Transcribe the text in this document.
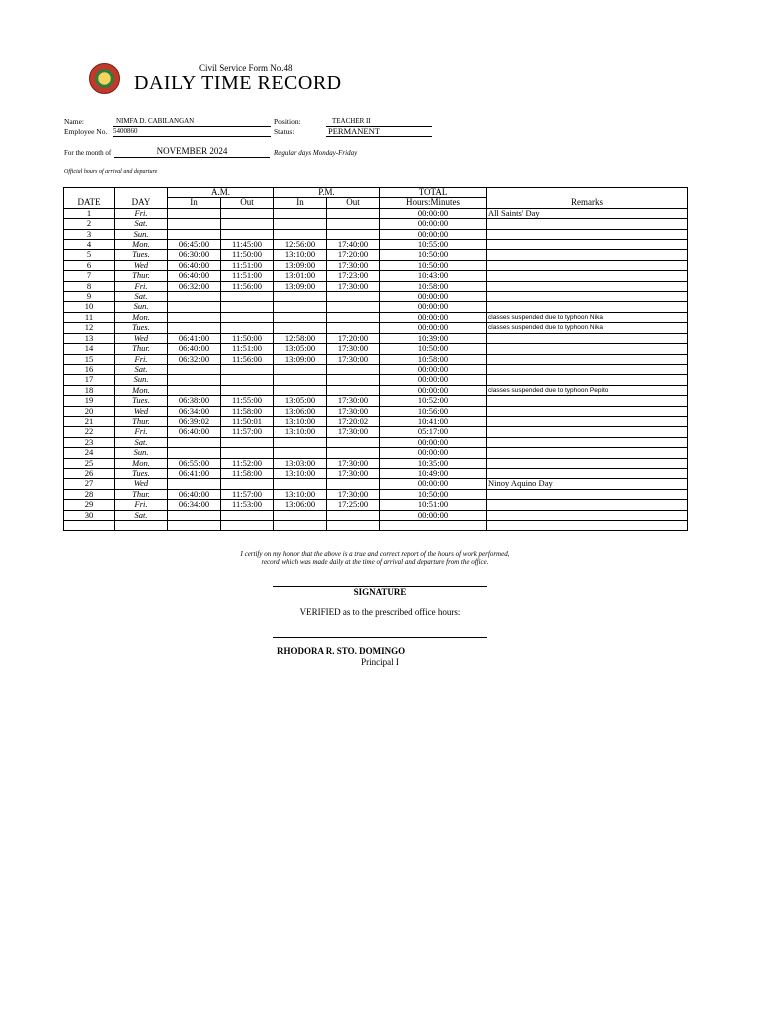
Civil Service Form No.48
DAILY TIME RECORD
Name:	NIMFA D. CABILANGAN	Position:	TEACHER II
Employee No. 5400860	Status:	PERMANENT
For the month of	NOVEMBER 2024	Regular days Monday-Friday
Official hours of arrival and departure
		A.M.		P.M.		TOTAL	
DATE	DAY	In	Out	In	Out	Hours:Minutes	Remarks
1	Fri.					00:00:00	All Saints' Day
2	Sat.					00:00:00	
3	Sun.					00:00:00	
4	Mon.	06:45:00	11:45:00	12:56:00	17:40:00	10:55:00	
5	Tues.	06:30:00	11:50:00	13:10:00	17:20:00	10:50:00	
6	Wed	06:40:00	11:51:00	13:09:00	17:30:00	10:50:00	
7	Thur.	06:40:00	11:51:00	13:01:00	17:23:00	10:43:00	
8	Fri.	06:32:00	11:56:00	13:09:00	17:30:00	10:58:00	
9	Sat.					00:00:00	
10	Sun.					00:00:00	
11	Mon.					00:00:00	classes suspended due to typhoon Nika
12	Tues.					00:00:00	classes suspended due to typhoon Nika
13	Wed	06:41:00	11:50:00	12:58:00	17:20:00	10:39:00	
14	Thur.	06:40:00	11:51:00	13:05:00	17:30:00	10:50:00	
15	Fri.	06:32:00	11:56:00	13:09:00	17:30:00	10:58:00	
16	Sat.					00:00:00	
17	Sun.					00:00:00	
18	Mon.					00:00:00	classes suspended due to typhoon Pepito
19	Tues.	06:38:00	11:55:00	13:05:00	17:30:00	10:52:00	
20	Wed	06:34:00	11:58:00	13:06:00	17:30:00	10:56:00	
21	Thur.	06:39:02	11:50:01	13:10:00	17:20:02	10:41:00	
22	Fri.	06:40:00	11:57:00	13:10:00	17:30:00	05:17:00	
23	Sat.					00:00:00	
24	Sun.					00:00:00	
25	Mon.	06:55:00	11:52:00	13:03:00	17:30:00	10:35:00	
26	Tues.	06:41:00	11:58:00	13:10:00	17:30:00	10:49:00	
27	Wed					00:00:00	Ninoy Aquino Day
28	Thur.	06:40:00	11:57:00	13:10:00	17:30:00	10:50:00	
29	Fri.	06:34:00	11:53:00	13:06:00	17:25:00	10:51:00	
30	Sat.					00:00:00	

I certify on my honor that the above is a true and correct report of the hours of work performed,
record which was made daily at the time of arrival and departure from the office.
SIGNATURE
VERIFIED as to the prescribed office hours:
RHODORA R. STO. DOMINGO
Principal I
